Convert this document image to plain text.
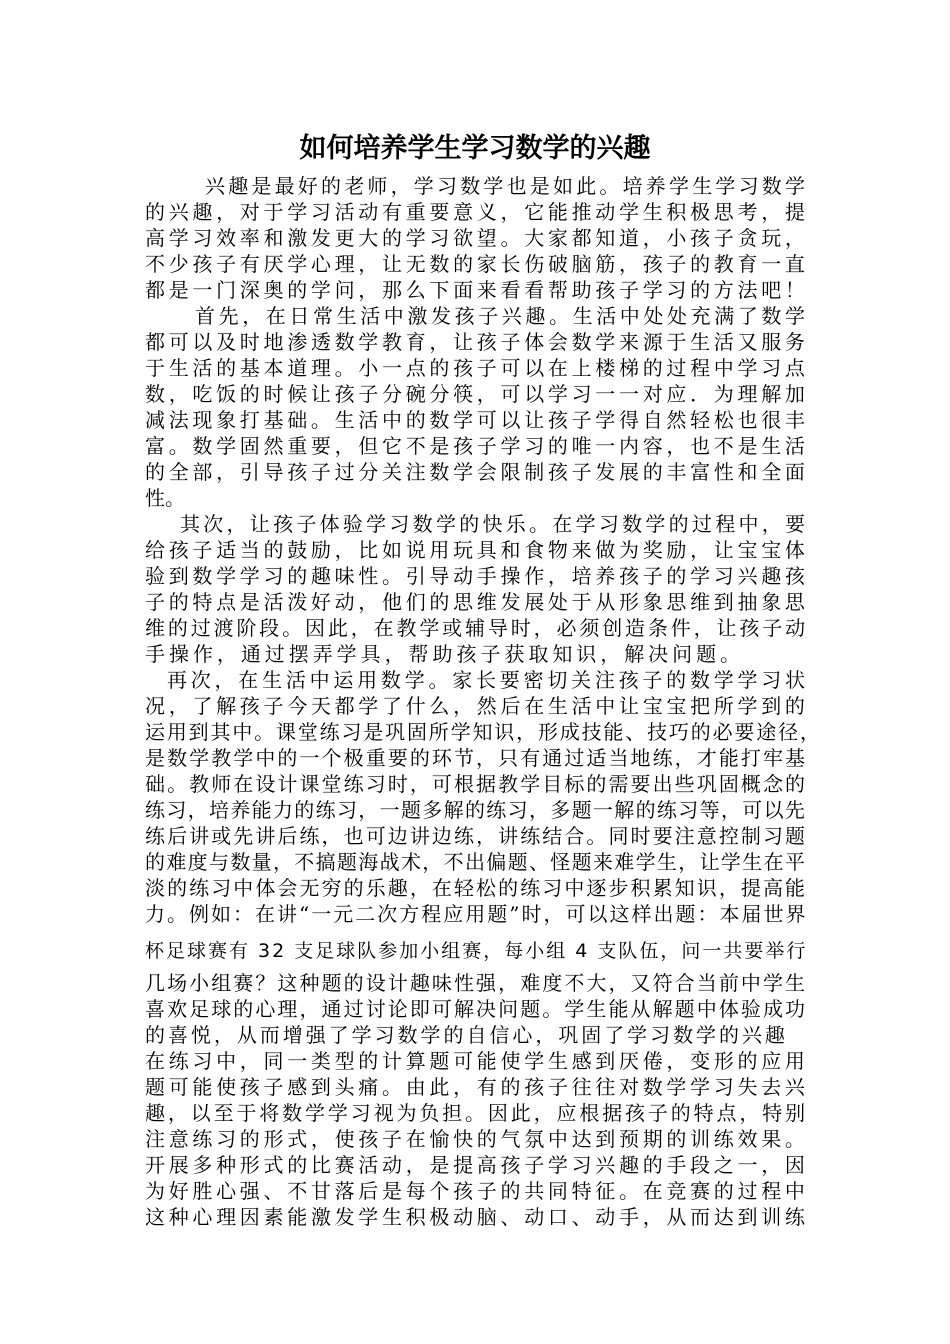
如何培养学生学习数学的兴趣
兴趣是最好的老师，学习数学也是如此。培养学生学习数学
的兴趣，对于学习活动有重要意义，它能推动学生积极思考，提
高学习效率和激发更大的学习欲望。大家都知道，小孩子贪玩，
不少孩子有厌学心理，让无数的家长伤破脑筋，孩子的教育一直
都是一门深奥的学问，那么下面来看看帮助孩子学习的方法吧！
首先，在日常生活中激发孩子兴趣。生活中处处充满了数学
都可以及时地渗透数学教育，让孩子体会数学来源于生活又服务
于生活的基本道理。小一点的孩子可以在上楼梯的过程中学习点
数，吃饭的时候让孩子分碗分筷，可以学习一一对应．为理解加
减法现象打基础。生活中的数学可以让孩子学得自然轻松也很丰
富。数学固然重要，但它不是孩子学习的唯一内容，也不是生活
的全部，引导孩子过分关注数学会限制孩子发展的丰富性和全面
性。
其次，让孩子体验学习数学的快乐。在学习数学的过程中，要
给孩子适当的鼓励，比如说用玩具和食物来做为奖励，让宝宝体
验到数学学习的趣味性。引导动手操作，培养孩子的学习兴趣孩
子的特点是活泼好动，他们的思维发展处于从形象思维到抽象思
维的过渡阶段。因此，在教学或辅导时，必须创造条件，让孩子动
手操作，通过摆弄学具，帮助孩子获取知识，解决问题。
再次，在生活中运用数学。家长要密切关注孩子的数学学习状
况，了解孩子今天都学了什么，然后在生活中让宝宝把所学到的
运用到其中。课堂练习是巩固所学知识，形成技能、技巧的必要途径，
是数学教学中的一个极重要的环节，只有通过适当地练，才能打牢基
础。教师在设计课堂练习时，可根据教学目标的需要出些巩固概念的
练习，培养能力的练习，一题多解的练习，多题一解的练习等，可以先
练后讲或先讲后练，也可边讲边练，讲练结合。同时要注意控制习题
的难度与数量，不搞题海战术，不出偏题、怪题来难学生，让学生在平
淡的练习中体会无穷的乐趣，在轻松的练习中逐步积累知识，提高能
力。例如：在讲“一元二次方程应用题”时，可以这样出题：本届世界
杯足球赛有 32 支足球队参加小组赛，每小组 4 支队伍，问一共要举行
几场小组赛？这种题的设计趣味性强，难度不大，又符合当前中学生
喜欢足球的心理，通过讨论即可解决问题。学生能从解题中体验成功
的喜悦，从而增强了学习数学的自信心，巩固了学习数学的兴趣
在练习中，同一类型的计算题可能使学生感到厌倦，变形的应用
题可能使孩子感到头痛。由此，有的孩子往往对数学学习失去兴
趣，以至于将数学学习视为负担。因此，应根据孩子的特点，特别
注意练习的形式，使孩子在愉快的气氛中达到预期的训练效果。
开展多种形式的比赛活动，是提高孩子学习兴趣的手段之一，因
为好胜心强、不甘落后是每个孩子的共同特征。在竞赛的过程中
这种心理因素能激发学生积极动脑、动口、动手，从而达到训练
